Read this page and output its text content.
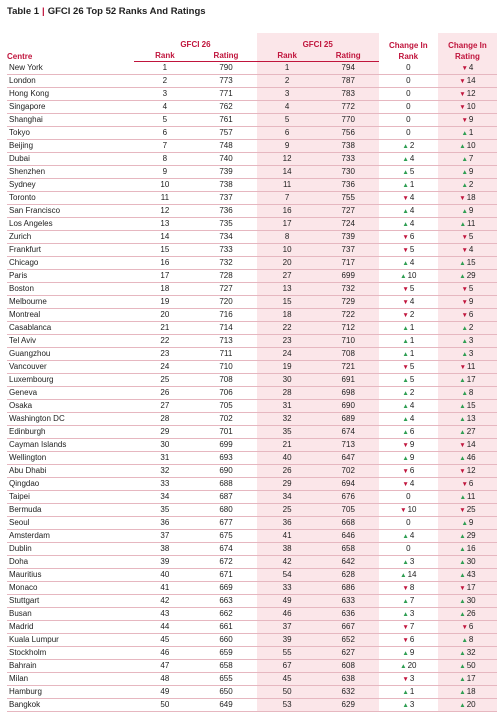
Table 1 | GFCI 26 Top 52 Ranks And Ratings
Centre	GFCI 26		GFCI 25		Change In Rank	Change In Rating
	Rank	Rating	Rank	Rating		
New York	1	790	1	794	0	▼ 4
London	2	773	2	787	0	▼ 14
Hong Kong	3	771	3	783	0	▼ 12
Singapore	4	762	4	772	0	▼ 10
Shanghai	5	761	5	770	0	▼ 9
Tokyo	6	757	6	756	0	▲ 1
Beijing	7	748	9	738	▲ 2	▲ 10
Dubai	8	740	12	733	▲ 4	▲ 7
Shenzhen	9	739	14	730	▲ 5	▲ 9
Sydney	10	738	11	736	▲ 1	▲ 2
Toronto	11	737	7	755	▼ 4	▼ 18
San Francisco	12	736	16	727	▲ 4	▲ 9
Los Angeles	13	735	17	724	▲ 4	▲ 11
Zurich	14	734	8	739	▼ 6	▼ 5
Frankfurt	15	733	10	737	▼ 5	▼ 4
Chicago	16	732	20	717	▲ 4	▲ 15
Paris	17	728	27	699	▲ 10	▲ 29
Boston	18	727	13	732	▼ 5	▼ 5
Melbourne	19	720	15	729	▼ 4	▼ 9
Montreal	20	716	18	722	▼ 2	▼ 6
Casablanca	21	714	22	712	▲ 1	▲ 2
Tel Aviv	22	713	23	710	▲ 1	▲ 3
Guangzhou	23	711	24	708	▲ 1	▲ 3
Vancouver	24	710	19	721	▼ 5	▼ 11
Luxembourg	25	708	30	691	▲ 5	▲ 17
Geneva	26	706	28	698	▲ 2	▲ 8
Osaka	27	705	31	690	▲ 4	▲ 15
Washington DC	28	702	32	689	▲ 4	▲ 13
Edinburgh	29	701	35	674	▲ 6	▲ 27
Cayman Islands	30	699	21	713	▼ 9	▼ 14
Wellington	31	693	40	647	▲ 9	▲ 46
Abu Dhabi	32	690	26	702	▼ 6	▼ 12
Qingdao	33	688	29	694	▼ 4	▼ 6
Taipei	34	687	34	676	0	▲ 11
Bermuda	35	680	25	705	▼ 10	▼ 25
Seoul	36	677	36	668	0	▲ 9
Amsterdam	37	675	41	646	▲ 4	▲ 29
Dublin	38	674	38	658	0	▲ 16
Doha	39	672	42	642	▲ 3	▲ 30
Mauritius	40	671	54	628	▲ 14	▲ 43
Monaco	41	669	33	686	▼ 8	▼ 17
Stuttgart	42	663	49	633	▲ 7	▲ 30
Busan	43	662	46	636	▲ 3	▲ 26
Madrid	44	661	37	667	▼ 7	▼ 6
Kuala Lumpur	45	660	39	652	▼ 6	▲ 8
Stockholm	46	659	55	627	▲ 9	▲ 32
Bahrain	47	658	67	608	▲ 20	▲ 50
Milan	48	655	45	638	▼ 3	▲ 17
Hamburg	49	650	50	632	▲ 1	▲ 18
Bangkok	50	649	53	629	▲ 3	▲ 20
